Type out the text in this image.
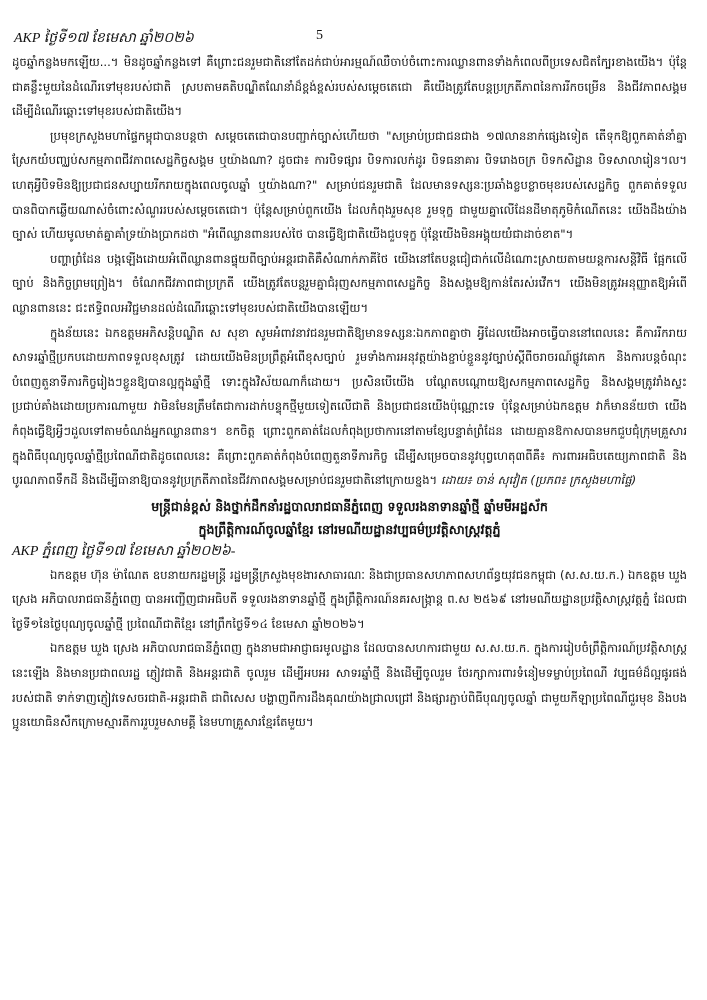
AKP ថ្ងៃទី១៧ ខែមេសា ឆ្នាំ២០២៦	5

ដូចឆ្នាំកន្លងមកឡើយ...។ មិនដូចឆ្នាំកន្លងទៅ គឺព្រោះជនរួមជាតិនៅតែដក់ជាប់អារម្មណ៍ឈឺចាប់ចំពោះការឈ្លានពានទាំងកំពេលពីប្រទេសជិតក្បែរខាងយើង។ ប៉ុន្តែជាគន្លឹះមួយនៃដំណើរទៅមុខរបស់ជាតិ ស្របតាមគតិបណ្ឌិតណែនាំដ៏ខ្ពង់ខ្ពស់របស់សម្តេចតេជោ គឺយើងត្រូវតែបន្តប្រក្រតីភាពនៃការរីកចម្រើន និងជីវភាពសង្គម ដើម្បីដំណើរឆ្ពោះទៅមុខរបស់ជាតិយើង។

ប្រមុខក្រសួងមហាផ្ទៃកម្ពុជាបានបន្តថា សម្តេចតេជោបានបញ្ជាក់ច្បាស់ហើយថា "សម្រាប់ប្រជាជនជាង ១៧លាននាក់ផ្សេងទៀត តើទុកឱ្យពួកគាត់នាំគ្នាស្រែកយំបញ្ឈប់សកម្មភាពជីវភាពសេដ្ឋកិច្ចសង្គម ឬយ៉ាងណា? ដូចជា៖ ការបិទផ្សារ បិទការលក់ដូរ បិទធនាគារ បិទរោងចក្រ បិទកសិដ្ឋាន បិទសាលារៀន។ល។ ហេតុអ្វីបិទមិនឱ្យប្រជាជនសប្បាយរីករាយក្នុងពេលចូលឆ្នាំ ឬយ៉ាងណា?" សម្រាប់ជនរួមជាតិ ដែលមានទស្សនៈប្រឆាំងខ្លបខ្លាចមុខរបស់សេដ្ឋកិច្ច ពួកគាត់ទទួលបានពិបាកឆ្លើយណាស់ចំពោះសំណួររបស់សម្តេចតេជោ។ ប៉ុន្តែសម្រាប់ពួកយើង ដែលកំពុងរួមសុខ រួមទុក្ខ ជាមួយគ្នាលើដែនដីមាតុភូមិកំណើតនេះ យើងដឹងយ៉ាងច្បាស់ ហើយមូលមាត់គ្នាគាំទ្រយ៉ាងប្រាកដថា "អំពើឈ្លានពានរបស់ថៃ បានធ្វើឱ្យជាតិយើងជួបទុក្ខ ប៉ុន្តែយើងមិនអង្គុយយំជាដាច់ខាត"។

បញ្ហាព្រំដែន បង្កឡើងដោយអំពើឈ្លានពានផ្ទុយពីច្បាប់អន្តរជាតិគឺសំណាក់ភាគីថៃ យើងនៅតែបន្តជៀជាក់លើដំណោះស្រាយតាមយន្តការសន្តិវិធី ផ្អែកលើច្បាប់ និងកិច្ចព្រមព្រៀង។ ចំណែកជីវភាពជាប្រក្រតី យើងត្រូវតែបន្តរួមគ្នាជំរុញសកម្មភាពសេដ្ឋកិច្ច និងសង្គមឱ្យកាន់តែរស់រវើក។ យើងមិនត្រូវអនុញ្ញាតឱ្យអំពើឈ្លានពាននេះ ជះឥទ្ធិពលអវិជ្ជមានដល់ដំណើរឆ្ពោះទៅមុខរបស់ជាតិយើងបានឡើយ។

ក្នុងន័យនេះ ឯកឧត្តមអភិសន្តិបណ្ឌិត ស សុខា សូមអំពាវនាវជនរួមជាតិឱ្យមានទស្សនៈឯកភាពគ្នាថា អ្វីដែលយើងអាចធ្វើបាននៅពេលនេះ គឺការរីករាយសាទរឆ្នាំថ្មីប្រកបដោយភាពទទួលខុសត្រូវ ដោយយើងមិនប្រព្រឹត្តអំពើខុសច្បាប់ រួមទាំងការអនុវត្តយ៉ាងខ្ជាប់ខ្ជួននូវច្បាប់ស្តីពីចរាចរណ៍ផ្លូវគោក និងការបន្តចំណុះបំពេញតួនាទីភារកិច្ចរៀងៗខ្លួនឱ្យបានល្អក្នុងឆ្នាំថ្មី ទោះក្នុងវិស័យណាក៏ដោយ។ ប្រសិនបើយើង បណ្តែតបណ្តោយឱ្យសកម្មភាពសេដ្ឋកិច្ច និងសង្គមត្រូវរាំងស្ទះ ប្រជាប់គាំងដោយប្រការណាមួយ វាមិនមែនត្រឹមតែជាការដាក់បន្ទុកថ្មីមួយទៀតលើជាតិ និងប្រជាជនយើងប៉ុណ្ណោះទេ ប៉ុន្តែសម្រាប់ឯកឧត្តម វាក៏មានន័យថា យើងកំពុងធ្វើឱ្យអ្វីៗដួលទៅតាមចំណង់អ្នកឈ្លានពាន។ ខកចិត្ត ព្រោះពួកគាត់ដែលកំពុងប្រថាការនៅតាមខ្សែបន្ទាត់ព្រំដែន ដោយគ្មានឱកាសបានមកជួបជុំក្រុមគ្រួសារក្នុងពិធីបុណ្យចូលឆ្នាំថ្មីប្រពៃណីជាតិដូចពេលនេះ គឺព្រោះពួកគាត់កំពុងបំពេញតួនាទីភារកិច្ច ដើម្បីសម្រេចបាននូវបុព្វហេតុ៣ពីគឺ៖ ការពារអធិបតេយ្យភាពជាតិ និងបូរណភាពទឹកដី និងដើម្បីធានាឱ្យបាននូវប្រក្រតីភាពនៃជីវភាពសង្គមសម្រាប់ជនរួមជាតិនៅក្រោយខ្នង។ ដោយ៖ ចាន់ សុវៀត (ប្រភព៖ ក្រសួងមហាផ្ទៃ)

មន្ត្រីជាន់ខ្ពស់ និងថ្នាក់ដឹកនាំរដ្ឋបាលរាជធានីភ្នំពេញ ទទួលរងនាទានឆ្នាំថ្មី ឆ្នាំមមីអដ្ឋស័ក
ក្នុងព្រឹត្តិការណ៍ចូលឆ្នាំខ្មែរ នៅរមណីយដ្ឋានវប្បធម៌ប្រវត្តិសាស្ត្រវត្តភ្នំ

AKP ភ្នំពេញ ថ្ងៃទី១៧ ខែមេសា ឆ្នាំ២០២៦-

ឯកឧត្តម ហ៊ុន ម៉ាណែត ឧបនាយករដ្ឋមន្ត្រី រដ្ឋមន្ត្រីក្រសួងមុខងារសាធារណៈ និងជាប្រធានសហភាពសហព័ន្ធយុវជនកម្ពុជា (ស.ស.យ.ក.) ឯកឧត្តម ឃួង ស្រេង អភិបាលរាជធានីភ្នំពេញ បានអញ្ជើញជាអធិបតី ទទួលរងនាទានឆ្នាំថ្មី ក្នុងព្រឹត្តិការណ៍នគរសង្ក្រាន្ត ព.ស ២៥៦៩ នៅរមណីយដ្ឋានប្រវត្តិសាស្ត្រវត្តភ្នំ ដែលជាថ្ងៃទី១នៃថ្ងៃបុណ្យចូលឆ្នាំថ្មី ប្រពៃណីជាតិខ្មែរ នៅព្រឹកថ្ងៃទី១៤ ខែមេសា ឆ្នាំ២០២៦។

ឯកឧត្តម ឃួង ស្រេង អភិបាលរាជធានីភ្នំពេញ ក្នុងនាមជាអាជ្ញាធរមូលដ្ឋាន ដែលបានសហការជាមួយ ស.ស.យ.ក. ក្នុងការរៀបចំព្រឹត្តិការណ៍ប្រវត្តិសាស្ត្រនេះឡើង និងមានប្រជាពលរដ្ឋ ភ្ញៀវជាតិ និងអន្តរជាតិ ចូលរួម ដើម្បីអបអរ សាទរឆ្នាំថ្មី និងដើម្បីចូលរួម ថែរក្សាការពារទំនៀមទម្លាប់ប្រពៃណី វប្បធម៌ដ៏ល្អផូរផង់របស់ជាតិ ទាក់ទាញភ្ញៀវទេសចរជាតិ-អន្តរជាតិ ជាពិសេស បង្ហាញពីការដឹងគុណយ៉ាងជ្រាលជ្រៅ និងផ្សារភ្ជាប់ពិធីបុណ្យចូលឆ្នាំ ជាមួយកីឡាប្រពៃណីជួរមុខ និងបងប្អូនយោធិនសឹកក្រោមស្មារតីការរួបរួមសាមគ្គី នៃមហាគ្រួសារខ្មែរតែមួយ។
